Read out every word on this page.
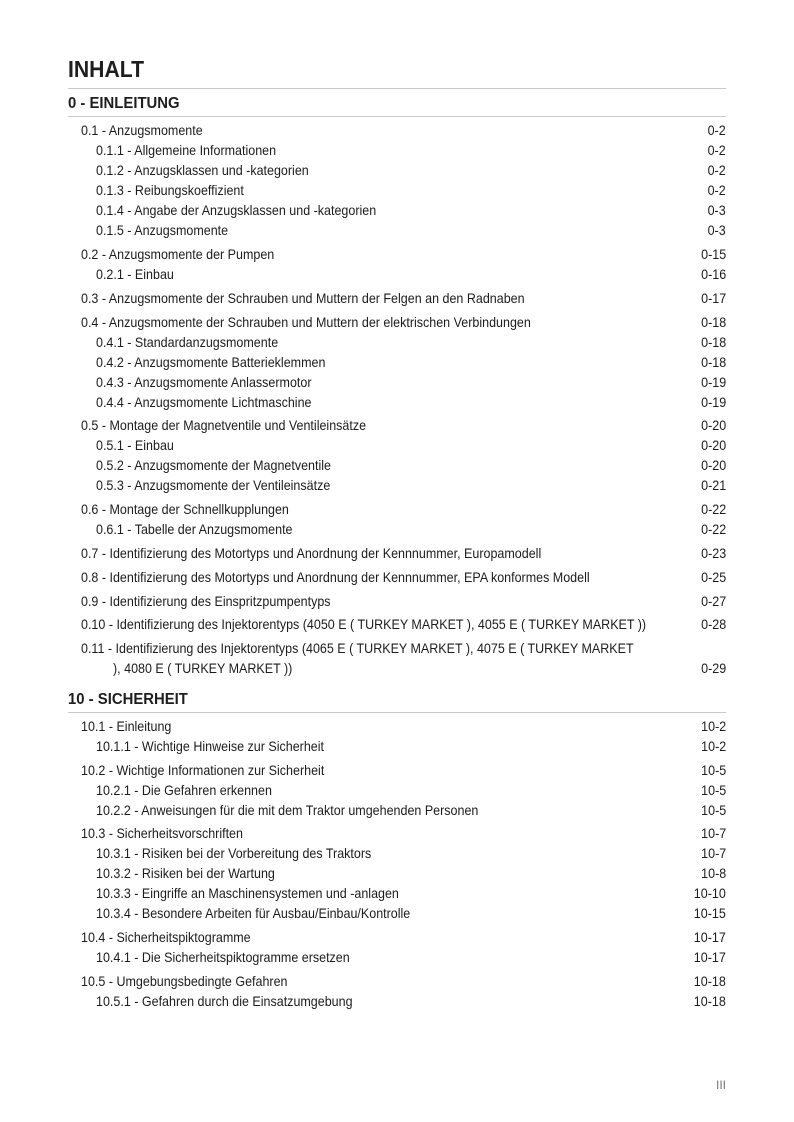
INHALT
0 - EINLEITUNG
0.1 - Anzugsmomente	0-2
0.1.1 - Allgemeine Informationen	0-2
0.1.2 - Anzugsklassen und -kategorien	0-2
0.1.3 - Reibungskoeffizient	0-2
0.1.4 - Angabe der Anzugsklassen und -kategorien	0-3
0.1.5 - Anzugsmomente	0-3
0.2 - Anzugsmomente der Pumpen	0-15
0.2.1 - Einbau	0-16
0.3 - Anzugsmomente der Schrauben und Muttern der Felgen an den Radnaben	0-17
0.4 - Anzugsmomente der Schrauben und Muttern der elektrischen Verbindungen	0-18
0.4.1 - Standardanzugsmomente	0-18
0.4.2 - Anzugsmomente Batterieklemmen	0-18
0.4.3 - Anzugsmomente Anlassermotor	0-19
0.4.4 - Anzugsmomente Lichtmaschine	0-19
0.5 - Montage der Magnetventile und Ventileinsätze	0-20
0.5.1 - Einbau	0-20
0.5.2 - Anzugsmomente der Magnetventile	0-20
0.5.3 - Anzugsmomente der Ventileinsätze	0-21
0.6 - Montage der Schnellkupplungen	0-22
0.6.1 - Tabelle der Anzugsmomente	0-22
0.7 - Identifizierung des Motortyps und Anordnung der Kennnummer, Europamodell	0-23
0.8 - Identifizierung des Motortyps und Anordnung der Kennnummer, EPA konformes Modell	0-25
0.9 - Identifizierung des Einspritzpumpentyps	0-27
0.10 - Identifizierung des Injektorentyps (4050 E ( TURKEY MARKET ), 4055 E ( TURKEY MARKET ))	0-28
0.11 - Identifizierung des Injektorentyps (4065 E ( TURKEY MARKET ), 4075 E ( TURKEY MARKET
), 4080 E ( TURKEY MARKET ))	0-29
10 - SICHERHEIT
10.1 - Einleitung	10-2
10.1.1 - Wichtige Hinweise zur Sicherheit	10-2
10.2 - Wichtige Informationen zur Sicherheit	10-5
10.2.1 - Die Gefahren erkennen	10-5
10.2.2 - Anweisungen für die mit dem Traktor umgehenden Personen	10-5
10.3 - Sicherheitsvorschriften	10-7
10.3.1 - Risiken bei der Vorbereitung des Traktors	10-7
10.3.2 - Risiken bei der Wartung	10-8
10.3.3 - Eingriffe an Maschinensystemen und -anlagen	10-10
10.3.4 - Besondere Arbeiten für Ausbau/Einbau/Kontrolle	10-15
10.4 - Sicherheitspiktogramme	10-17
10.4.1 - Die Sicherheitspiktogramme ersetzen	10-17
10.5 - Umgebungsbedingte Gefahren	10-18
10.5.1 - Gefahren durch die Einsatzumgebung	10-18
III
